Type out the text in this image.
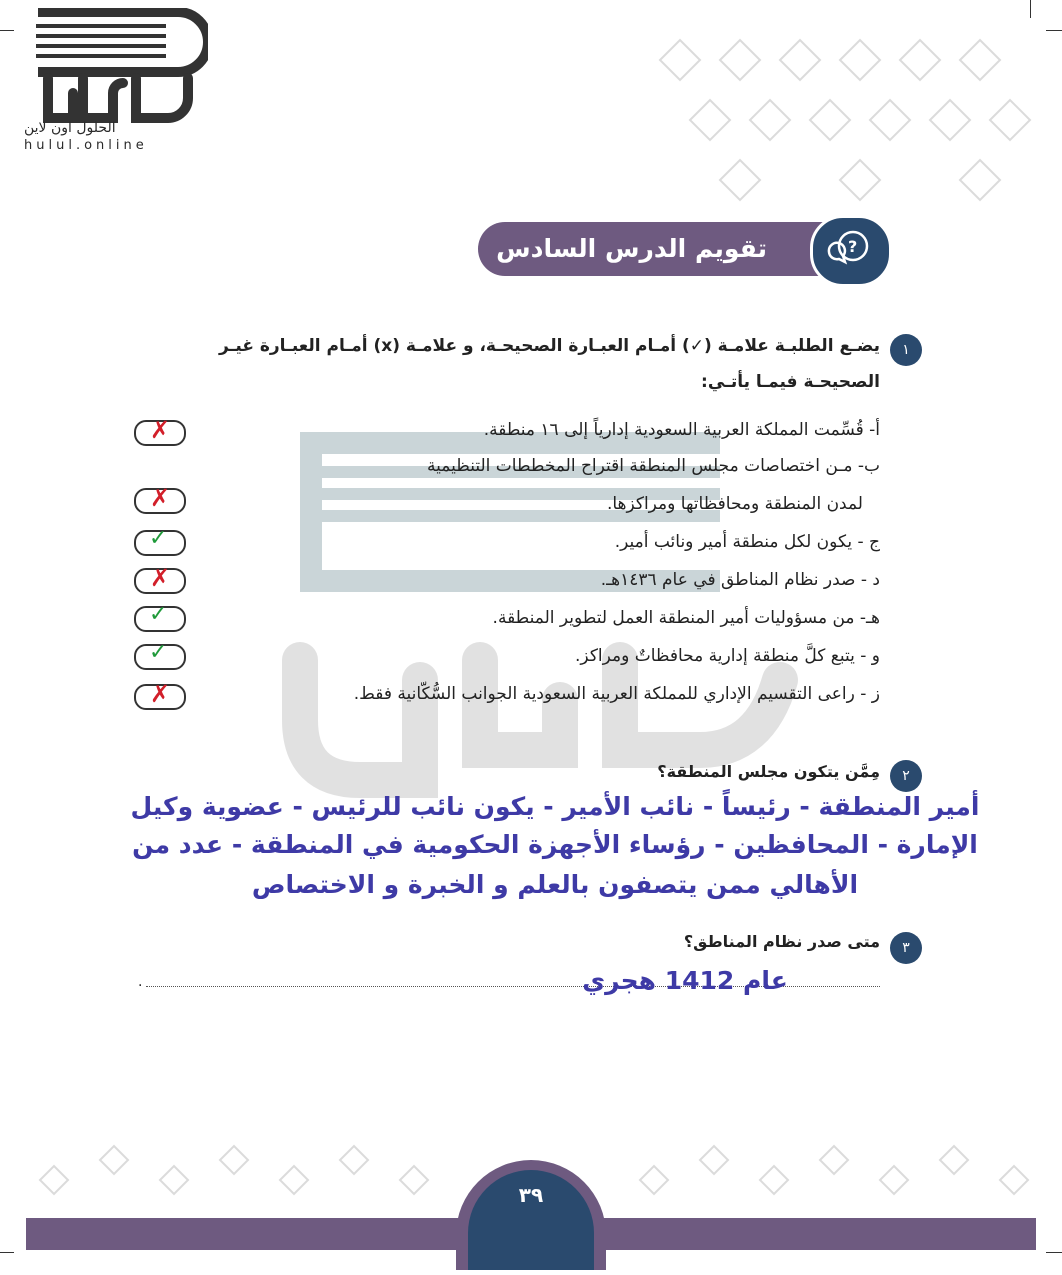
الحلول اون لاين
hulul.online
تقويم الدرس السادس	?
١
يضـع الطلبـة علامـة (✓) أمـام العبـارة الصحيحـة، و علامـة (x) أمـام العبـارة غيـر
الصحيحـة فيمـا يأتـي:
أ- قُسِّمت المملكة العربية السعودية إدارياً إلى ١٦ منطقة.
ب- مـن اختصاصات مجلس المنطقة اقتراح المخططات التنظيمية
لمدن المنطقة ومحافظاتها ومراكزها.
ج - يكون لكل منطقة أمير ونائب أمير.
د - صدر نظام المناطق في عام ١٤٣٦هـ.
هـ- من مسؤوليات أمير المنطقة العمل لتطوير المنطقة.
و - يتبع كلَّ منطقة إدارية محافظاتٌ ومراكز.
ز - راعى التقسيم الإداري للمملكة العربية السعودية الجوانب السُّكّانية فقط.
✗
✗
✓
✗
✓
✓
✗
٢
مِمَّن يتكون مجلس المنطقة؟
أمير المنطقة - رئيساً - نائب الأمير - يكون نائب للرئيس - عضوية وكيل
الإمارة - المحافظين - رؤساء الأجهزة الحكومية في المنطقة - عدد من
الأهالي ممن يتصفون بالعلم و الخبرة و الاختصاص
٣
متى صدر نظام المناطق؟
.	عام 1412 هجري
٣٩
